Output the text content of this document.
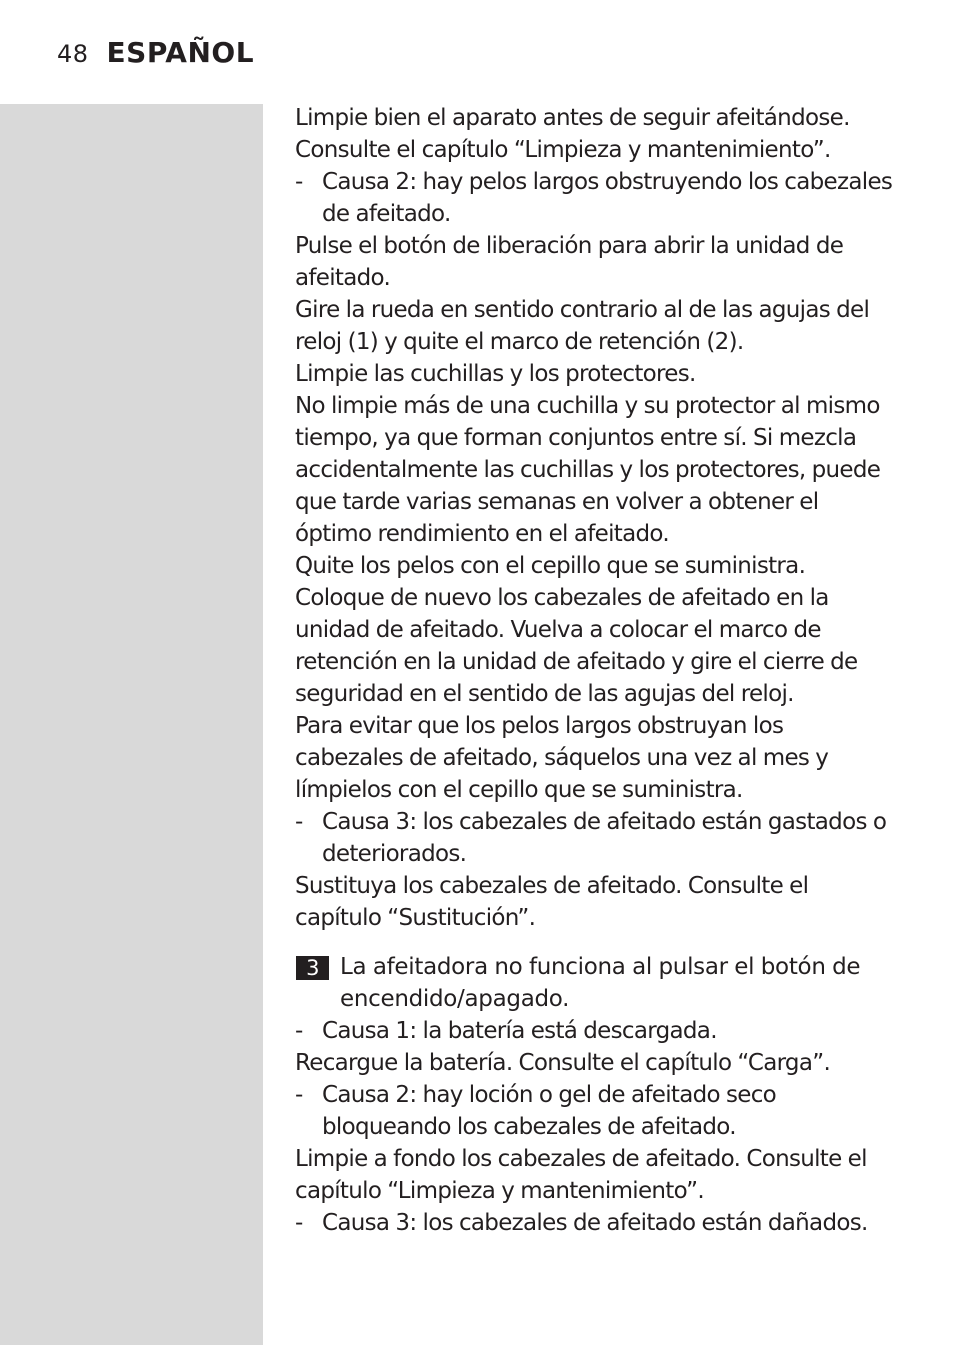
48 ESPAÑOL

Limpie bien el aparato antes de seguir afeitándose. Consulte el capítulo “Limpieza y mantenimiento”.

- Causa 2: hay pelos largos obstruyendo los cabezales de afeitado.

Pulse el botón de liberación para abrir la unidad de afeitado.

Gire la rueda en sentido contrario al de las agujas del reloj (1) y quite el marco de retención (2).

Limpie las cuchillas y los protectores.

No limpie más de una cuchilla y su protector al mismo tiempo, ya que forman conjuntos entre sí. Si mezcla accidentalmente las cuchillas y los protectores, puede que tarde varias semanas en volver a obtener el óptimo rendimiento en el afeitado.

Quite los pelos con el cepillo que se suministra.

Coloque de nuevo los cabezales de afeitado en la unidad de afeitado. Vuelva a colocar el marco de retención en la unidad de afeitado y gire el cierre de seguridad en el sentido de las agujas del reloj.

Para evitar que los pelos largos obstruyan los cabezales de afeitado, sáquelos una vez al mes y límpielos con el cepillo que se suministra.

- Causa 3: los cabezales de afeitado están gastados o deteriorados.

Sustituya los cabezales de afeitado. Consulte el capítulo “Sustitución”.

3 La afeitadora no funciona al pulsar el botón de encendido/apagado.

- Causa 1: la batería está descargada.

Recargue la batería. Consulte el capítulo “Carga”.

- Causa 2: hay loción o gel de afeitado seco bloqueando los cabezales de afeitado.

Limpie a fondo los cabezales de afeitado. Consulte el capítulo “Limpieza y mantenimiento”.

- Causa 3: los cabezales de afeitado están dañados.
